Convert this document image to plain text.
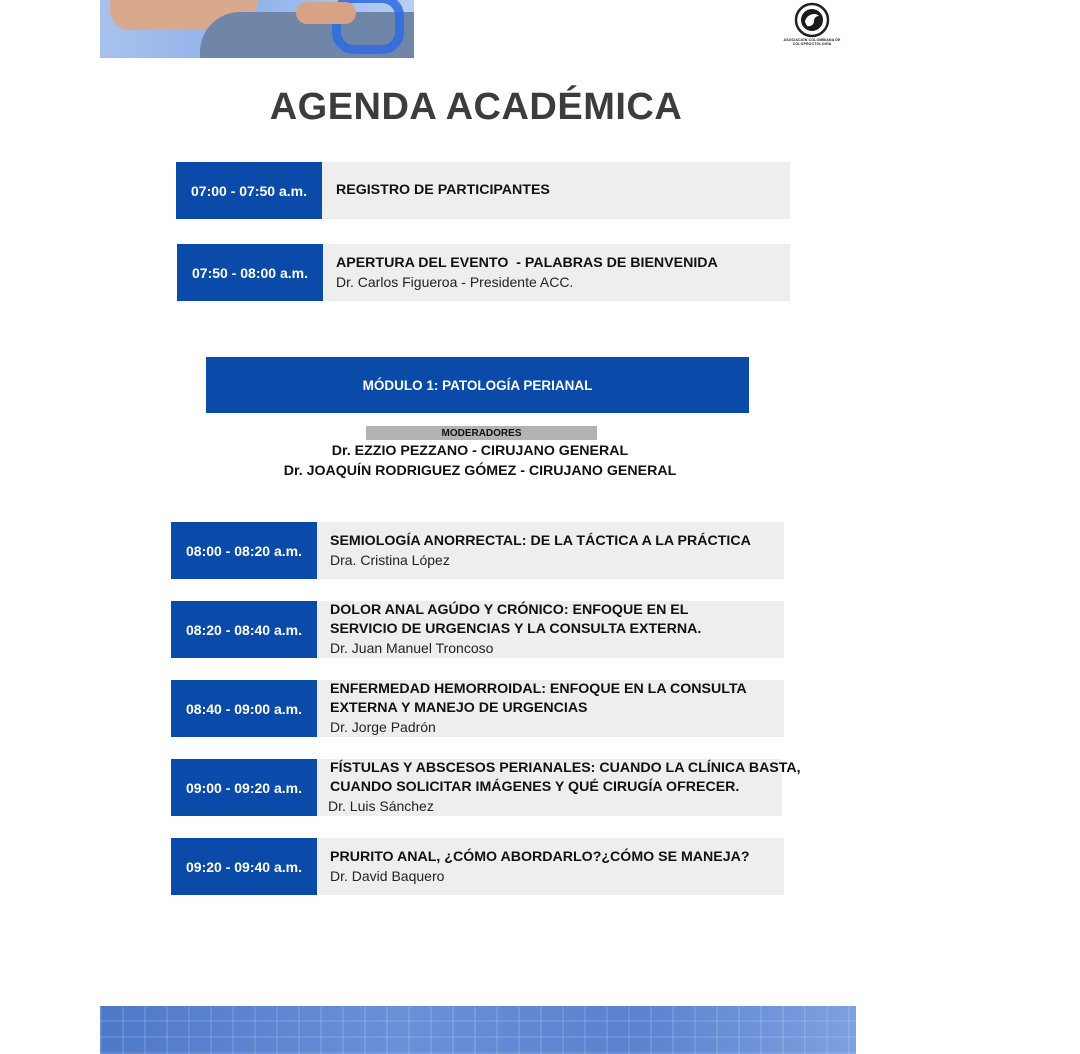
ASOCIACIÓN COLOMBIANA DE COLOPROCTOLOGÍA
AGENDA ACADÉMICA
07:00 - 07:50 a.m.	REGISTRO DE PARTICIPANTES
07:50 - 08:00 a.m.
APERTURA DEL EVENTO  - PALABRAS DE BIENVENIDA
Dr. Carlos Figueroa - Presidente ACC.
MÓDULO 1: PATOLOGÍA PERIANAL
MODERADORES
Dr. EZZIO PEZZANO - CIRUJANO GENERAL
Dr. JOAQUÍN RODRIGUEZ GÓMEZ - CIRUJANO GENERAL
08:00 - 08:20 a.m.
SEMIOLOGÍA ANORRECTAL: DE LA TÁCTICA A LA PRÁCTICA
Dra. Cristina López
08:20 - 08:40 a.m.
DOLOR ANAL AGÚDO Y CRÓNICO: ENFOQUE EN EL
SERVICIO DE URGENCIAS Y LA CONSULTA EXTERNA.
Dr. Juan Manuel Troncoso
08:40 - 09:00 a.m.
ENFERMEDAD HEMORROIDAL: ENFOQUE EN LA CONSULTA
EXTERNA Y MANEJO DE URGENCIAS
Dr. Jorge Padrón
09:00 - 09:20 a.m.
FÍSTULAS Y ABSCESOS PERIANALES: CUANDO LA CLÍNICA BASTA,
CUANDO SOLICITAR IMÁGENES Y QUÉ CIRUGÍA OFRECER.
Dr. Luis Sánchez
09:20 - 09:40 a.m.
PRURITO ANAL, ¿CÓMO ABORDARLO?¿CÓMO SE MANEJA?
Dr. David Baquero
